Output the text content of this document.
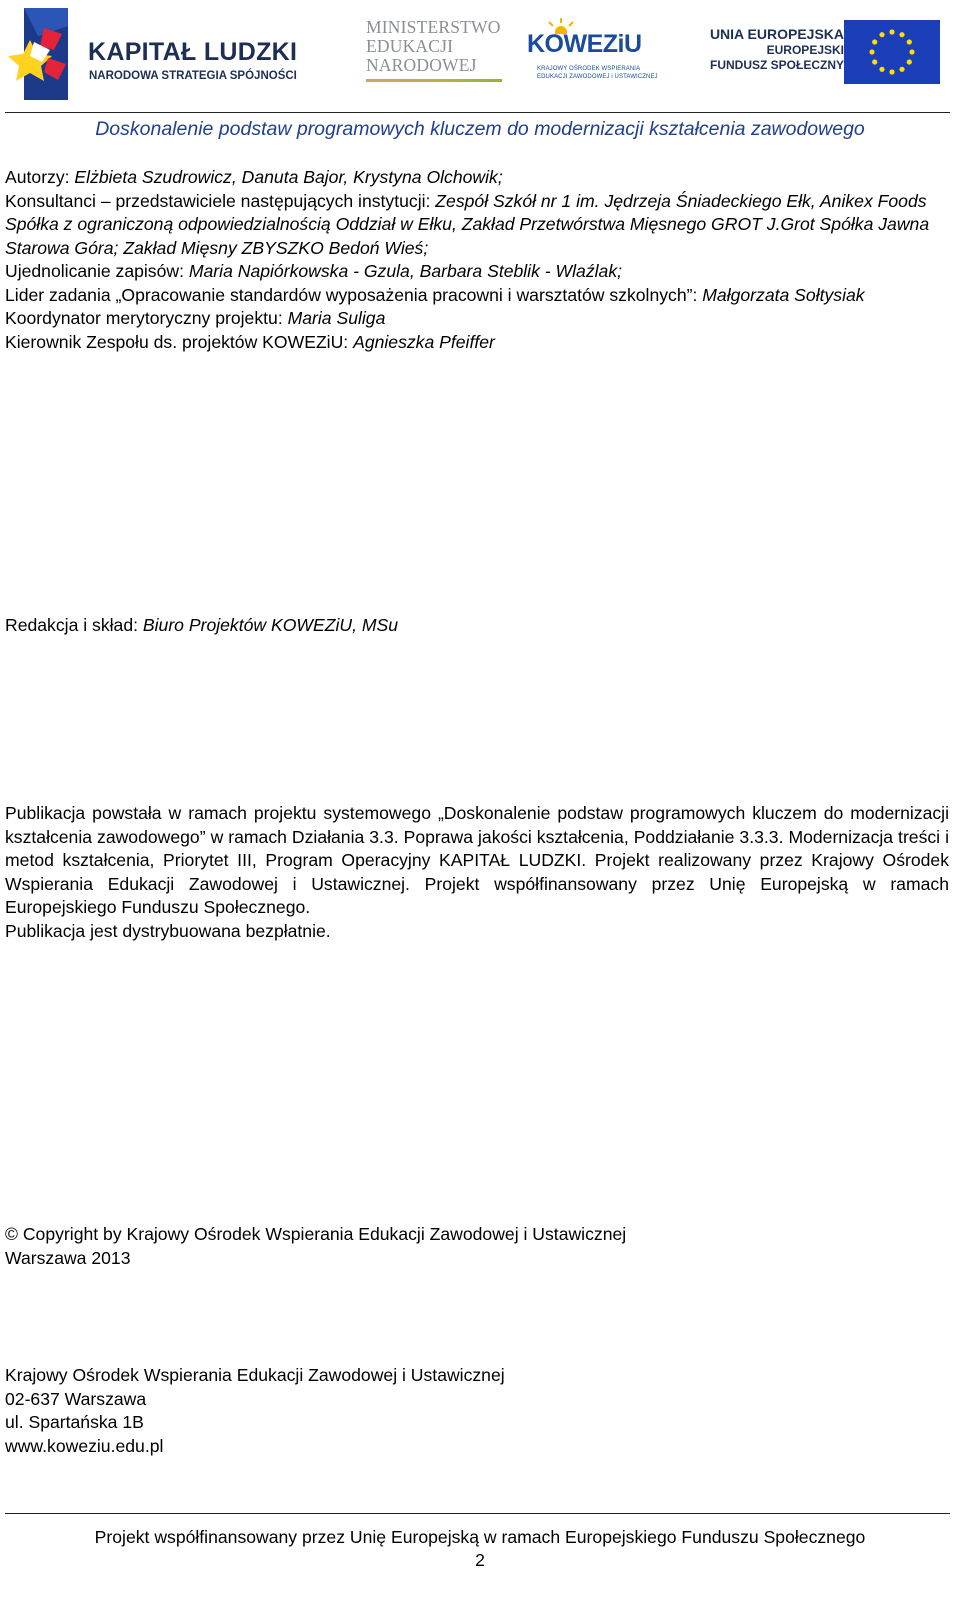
KAPITAŁ LUDZKI
NARODOWA STRATEGIA SPÓJNOŚCI
MINISTERSTWO
EDUKACJI
NARODOWEJ
KOWEZiU
KRAJOWY OŚRODEK WSPIERANIA
EDUKACJI ZAWODOWEJ i USTAWICZNEJ
UNIA EUROPEJSKA
EUROPEJSKI
FUNDUSZ SPOŁECZNY
Doskonalenie podstaw programowych kluczem do modernizacji kształcenia zawodowego

Autorzy: Elżbieta Szudrowicz, Danuta Bajor, Krystyna Olchowik;

Konsultanci – przedstawiciele następujących instytucji: Zespół Szkół nr 1 im. Jędrzeja Śniadeckiego Ełk, Anikex Foods Spółka z ograniczoną odpowiedzialnością Oddział w Ełku, Zakład Przetwórstwa Mięsnego GROT J.Grot Spółka Jawna Starowa Góra; Zakład Mięsny ZBYSZKO Bedoń Wieś;

Ujednolicanie zapisów: Maria Napiórkowska - Gzula, Barbara Steblik - Wlaźlak;

Lider zadania „Opracowanie standardów wyposażenia pracowni i warsztatów szkolnych”: Małgorzata Sołtysiak

Koordynator merytoryczny projektu: Maria Suliga

Kierownik Zespołu ds. projektów KOWEZiU: Agnieszka Pfeiffer

Redakcja i skład: Biuro Projektów KOWEZiU, MSu

Publikacja powstała w ramach projektu systemowego „Doskonalenie podstaw programowych kluczem do modernizacji kształcenia zawodowego” w ramach Działania 3.3. Poprawa jakości kształcenia, Poddziałanie 3.3.3. Modernizacja treści i metod kształcenia, Priorytet III, Program Operacyjny KAPITAŁ LUDZKI. Projekt realizowany przez Krajowy Ośrodek Wspierania Edukacji Zawodowej i Ustawicznej. Projekt współfinansowany przez Unię Europejską w ramach Europejskiego Funduszu Społecznego.

Publikacja jest dystrybuowana bezpłatnie.

© Copyright by Krajowy Ośrodek Wspierania Edukacji Zawodowej i Ustawicznej

Warszawa 2013

Krajowy Ośrodek Wspierania Edukacji Zawodowej i Ustawicznej

02-637 Warszawa

ul. Spartańska 1B

www.koweziu.edu.pl

Projekt współfinansowany przez Unię Europejską w ramach Europejskiego Funduszu Społecznego
2
